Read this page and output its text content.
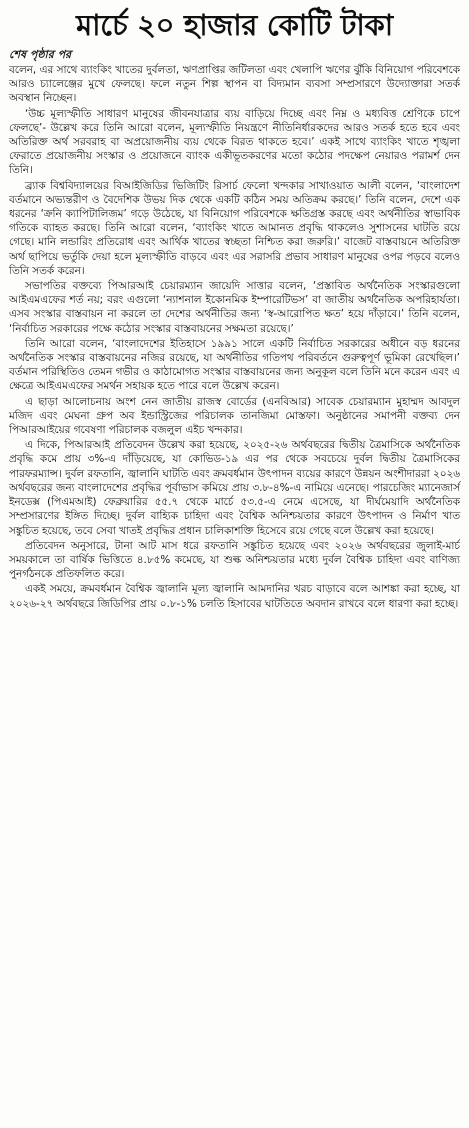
মার্চে ২০ হাজার কোটি টাকা
শেষ পৃষ্ঠার পর

বলেন, এর সাথে ব্যাংকিং খাতের দুর্বলতা, ঋণপ্রাপ্তির জটিলতা এবং খেলাপি ঋণের ঝুঁকি বিনিয়োগ পরিবেশকে আরও চ্যালেঞ্জের মুখে ফেলছে। ফলে নতুন শিল্প স্থাপন বা বিদ্যমান ব্যবসা সম্প্রসারণে উদ্যোক্তারা সতর্ক অবস্থান নিচ্ছেন।

‘উচ্চ মূল্যস্ফীতি সাধারণ মানুষের জীবনযাত্রার ব্যয় বাড়িয়ে দিচ্ছে এবং নিম্ন ও মধ্যবিত্ত শ্রেণিকে চাপে ফেলছে’- উল্লেখ করে তিনি আরো বলেন, মূল্যস্ফীতি নিয়ন্ত্রণে নীতিনির্ধারকদের আরও সতর্ক হতে হবে এবং অতিরিক্ত অর্থ সরবরাহ বা অপ্রয়োজনীয় ব্যয় থেকে বিরত থাকতে হবে।’ একই সাথে ব্যাংকিং খাতে শৃঙ্খলা ফেরাতে প্রয়োজনীয় সংস্কার ও প্রয়োজনে ব্যাংক একীভূতকরণের মতো কঠোর পদক্ষেপ নেয়ারও পরামর্শ দেন তিনি।

ব্র্যাক বিশ্ববিদ্যালয়ের বিআইজিডির ভিজিটিং রিসার্চ ফেলো খন্দকার সাখাওয়াত আলী বলেন, ‘বাংলাদেশ বর্তমানে অভ্যন্তরীণ ও বৈদেশিক উভয় দিক থেকে একটি কঠিন সময় অতিক্রম করছে।’ তিনি বলেন, দেশে এক ধরনের ‘ক্রনি ক্যাপিটালিজম’ গড়ে উঠেছে, যা বিনিয়োগ পরিবেশকে ক্ষতিগ্রস্ত করছে এবং অর্থনীতির স্বাভাবিক গতিকে ব্যাহত করছে। তিনি আরো বলেন, ‘ব্যাংকিং খাতে আমানত প্রবৃদ্ধি থাকলেও সুশাসনের ঘাটতি রয়ে গেছে। মানি লন্ডারিং প্রতিরোধ এবং আর্থিক খাতের স্বচ্ছতা নিশ্চিত করা জরুরি।’ বাজেট বাস্তবায়নে অতিরিক্ত অর্থ ছাপিয়ে ভর্তুকি দেয়া হলে মূল্যস্ফীতি বাড়বে এবং এর সরাসরি প্রভাব সাধারণ মানুষের ওপর পড়বে বলেও তিনি সতর্ক করেন।

সভাপতির বক্তব্যে পিআরআই চেয়ারম্যান জায়েদি সাত্তার বলেন, ‘প্রস্তাবিত অর্থনৈতিক সংস্কারগুলো আইএমএফের শর্ত নয়; বরং এগুলো ‘ন্যাশনাল ইকোনমিক ইম্পারেটিভস’ বা জাতীয় অর্থনৈতিক অপরিহার্যতা। এসব সংস্কার বাস্তবায়ন না করলে তা দেশের অর্থনীতির জন্য ‘স্ব-আরোপিত ক্ষত’ হয়ে দাঁড়াবে।’ তিনি বলেন, ‘নির্বাচিত সরকারের পক্ষে কঠোর সংস্কার বাস্তবায়নের সক্ষমতা রয়েছে।’

তিনি আরো বলেন, ‘বাংলাদেশের ইতিহাসে ১৯৯১ সালে একটি নির্বাচিত সরকারের অধীনে বড় ধরনের অর্থনৈতিক সংস্কার বাস্তবায়নের নজির রয়েছে, যা অর্থনীতির গতিপথ পরিবর্তনে গুরুত্বপূর্ণ ভূমিকা রেখেছিল।’ বর্তমান পরিস্থিতিও তেমন গভীর ও কাঠামোগত সংস্কার বাস্তবায়নের জন্য অনুকূল বলে তিনি মনে করেন এবং এ ক্ষেত্রে আইএমএফের সমর্থন সহায়ক হতে পারে বলে উল্লেখ করেন।

এ ছাড়া আলোচনায় অংশ নেন জাতীয় রাজস্ব বোর্ডের (এনবিআর) সাবেক চেয়ারম্যান মুহাম্মদ আবদুল মজিদ এবং মেঘনা গ্রুপ অব ইন্ডাস্ট্রিজের পরিচালক তানজিমা মোস্তফা। অনুষ্ঠানের সমাপনী বক্তব্য দেন পিআরআইয়ের গবেষণা পরিচালক বজলুল এইচ খন্দকার।

এ দিকে, পিআরআই প্রতিবেদন উল্লেখ করা হয়েছে, ২০২৫-২৬ অর্থবছরের দ্বিতীয় ত্রৈমাসিকে অর্থনৈতিক প্রবৃদ্ধি কমে প্রায় ৩%-এ দাঁড়িয়েছে, যা কোভিড-১৯ এর পর থেকে সবচেয়ে দুর্বল দ্বিতীয় ত্রৈমাসিকের পারফরম্যান্স। দুর্বল রফতানি, জ্বালানি ঘাটতি এবং ক্রমবর্ধমান উৎপাদন ব্যয়ের কারণে উন্নয়ন অংশীদাররা ২০২৬ অর্থবছরের জন্য বাংলাদেশের প্রবৃদ্ধির পূর্বাভাস কমিয়ে প্রায় ৩.৮-৪%-এ নামিয়ে এনেছে। পারচেজিং ম্যানেজার্স ইনডেক্স (পিএমআই) ফেব্রুয়ারির ৫৫.৭ থেকে মার্চে ৫৩.৫-এ নেমে এসেছে, যা দীর্ঘমেয়াদি অর্থনৈতিক সম্প্রসারণের ইঙ্গিত দিচ্ছে। দুর্বল বাহ্যিক চাহিদা এবং বৈশ্বিক অনিশ্চয়তার কারণে উৎপাদন ও নির্মাণ খাত সঙ্কুচিত হয়েছে, তবে সেবা খাতই প্রবৃদ্ধির প্রধান চালিকাশক্তি হিসেবে রয়ে গেছে বলে উল্লেখ করা হয়েছে।

প্রতিবেদন অনুসারে, টানা আট মাস ধরে রফতানি সঙ্কুচিত হয়েছে এবং ২০২৬ অর্থবছরের জুলাই-মার্চ সময়কালে তা বার্ষিক ভিত্তিতে ৪.৮৫% কমেছে, যা শুল্ক অনিশ্চয়তার মধ্যে দুর্বল বৈশ্বিক চাহিদা এবং বাণিজ্য পুনর্গঠনকে প্রতিফলিত করে।

একই সময়ে, ক্রমবর্ধমান বৈশ্বিক জ্বালানি মূল্য জ্বালানি আমদানির খরচ বাড়াবে বলে আশঙ্কা করা হচ্ছে, যা ২০২৬-২৭ অর্থবছরে জিডিপির প্রায় ০.৮-১% চলতি হিসাবের ঘাটতিতে অবদান রাখবে বলে ধারণা করা হচ্ছে।
